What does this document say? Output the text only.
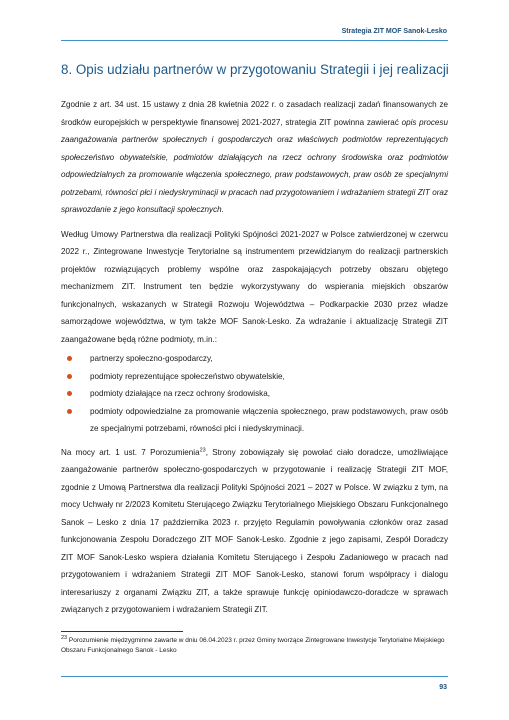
Strategia ZIT MOF Sanok-Lesko
8. Opis udziału partnerów w przygotowaniu Strategii i jej realizacji

Zgodnie z art. 34 ust. 15 ustawy z dnia 28 kwietnia 2022 r. o zasadach realizacji zadań finansowanych ze środków europejskich w perspektywie finansowej 2021-2027, strategia ZIT powinna zawierać opis procesu zaangażowania partnerów społecznych i gospodarczych oraz właściwych podmiotów reprezentujących społeczeństwo obywatelskie, podmiotów działających na rzecz ochrony środowiska oraz podmiotów odpowiedzialnych za promowanie włączenia społecznego, praw podstawowych, praw osób ze specjalnymi potrzebami, równości płci i niedyskryminacji w pracach nad przygotowaniem i wdrażaniem strategii ZIT oraz sprawozdanie z jego konsultacji społecznych.

Według Umowy Partnerstwa dla realizacji Polityki Spójności 2021-2027 w Polsce zatwierdzonej w czerwcu 2022 r., Zintegrowane Inwestycje Terytorialne są instrumentem przewidzianym do realizacji partnerskich projektów rozwiązujących problemy wspólne oraz zaspokajających potrzeby obszaru objętego mechanizmem ZIT. Instrument ten będzie wykorzystywany do wspierania miejskich obszarów funkcjonalnych, wskazanych w Strategii Rozwoju Województwa – Podkarpackie 2030 przez władze samorządowe województwa, w tym także MOF Sanok-Lesko. Za wdrażanie i aktualizację Strategii ZIT zaangażowane będą różne podmioty, m.in.:

partnerzy społeczno-gospodarczy,
podmioty reprezentujące społeczeństwo obywatelskie,
podmioty działające na rzecz ochrony środowiska,
podmioty odpowiedzialne za promowanie włączenia społecznego, praw podstawowych, praw osób ze specjalnymi potrzebami, równości płci i niedyskryminacji.

Na mocy art. 1 ust. 7 Porozumienia$^{23}$, Strony zobowiązały się powołać ciało doradcze, umożliwiające zaangażowanie partnerów społeczno-gospodarczych w przygotowanie i realizację Strategii ZIT MOF, zgodnie z Umową Partnerstwa dla realizacji Polityki Spójności 2021 – 2027 w Polsce. W związku z tym, na mocy Uchwały nr 2/2023 Komitetu Sterującego Związku Terytorialnego Miejskiego Obszaru Funkcjonalnego Sanok – Lesko z dnia 17 października 2023 r. przyjęto Regulamin powoływania członków oraz zasad funkcjonowania Zespołu Doradczego ZIT MOF Sanok-Lesko. Zgodnie z jego zapisami, Zespół Doradczy ZIT MOF Sanok-Lesko wspiera działania Komitetu Sterującego i Zespołu Zadaniowego w pracach nad przygotowaniem i wdrażaniem Strategii ZIT MOF Sanok-Lesko, stanowi forum współpracy i dialogu interesariuszy z organami Związku ZIT, a także sprawuje funkcję opiniodawczo-doradcze w sprawach związanych z przygotowaniem i wdrażaniem Strategii ZIT.

$^{23}$ Porozumienie międzygminne zawarte w dniu 06.04.2023 r. przez Gminy tworzące Zintegrowane Inwestycje Terytorialne Miejskiego Obszaru Funkcjonalnego Sanok - Lesko
93
